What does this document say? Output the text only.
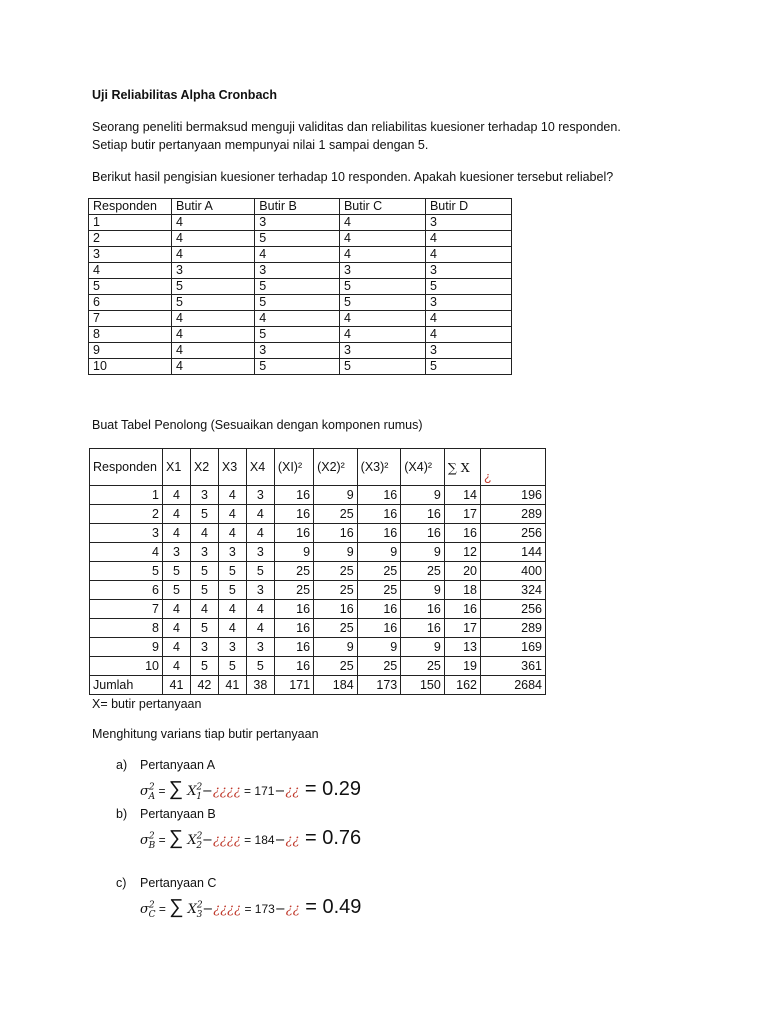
Uji Reliabilitas Alpha Cronbach

Seorang peneliti bermaksud menguji validitas dan reliabilitas kuesioner terhadap 10 responden.

Setiap butir pertanyaan mempunyai nilai 1 sampai dengan 5.

Berikut hasil pengisian kuesioner terhadap 10 responden. Apakah kuesioner tersebut reliabel?

Responden	Butir A	Butir B	Butir C	Butir D
1	4	3	4	3
2	4	5	4	4
3	4	4	4	4
4	3	3	3	3
5	5	5	5	5
6	5	5	5	3
7	4	4	4	4
8	4	5	4	4
9	4	3	3	3
10	4	5	5	5

Buat Tabel Penolong (Sesuaikan dengan komponen rumus)

Responden	X1	X2	X3	X4	(XI)²	(X2)²	(X3)²	(X4)²	∑ X	¿
1	4	3	4	3	16	9	16	9	14	196
2	4	5	4	4	16	25	16	16	17	289
3	4	4	4	4	16	16	16	16	16	256
4	3	3	3	3	9	9	9	9	12	144
5	5	5	5	5	25	25	25	25	20	400
6	5	5	5	3	25	25	25	9	18	324
7	4	4	4	4	16	16	16	16	16	256
8	4	5	4	4	16	25	16	16	17	289
9	4	3	3	3	16	9	9	9	13	169
10	4	5	5	5	16	25	25	25	19	361
Jumlah	41	42	41	38	171	184	173	150	162	2684

X= butir pertanyaan

Menghitung varians tiap butir pertanyaan

a) Pertanyaan A
$\sigma^2_A$ = ∑ $X^2_1-¿¿¿¿$ = 171−¿¿ = 0.29
b) Pertanyaan B
$\sigma^2_B$ = ∑ $X^2_2-¿¿¿¿$ = 184−¿¿ = 0.76
c) Pertanyaan C
$\sigma^2_C$ = ∑ $X^2_3-¿¿¿¿$ = 173−¿¿ = 0.49
